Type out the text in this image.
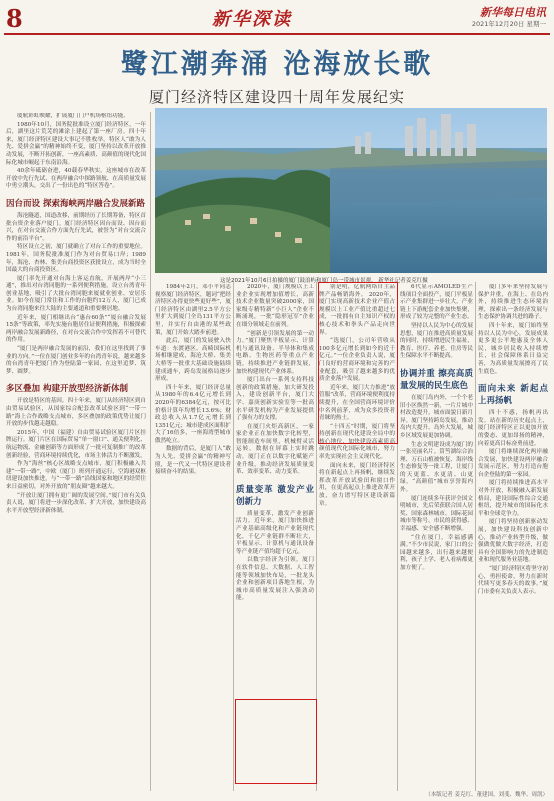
8	新华深读	新华每日电讯
2021年12月20日 星期一
鹭江潮奔涌 沧海放长歌
厦门经济特区建设四十周年发展纪实
这是2021年10月6日拍摄的厦门鼓浪屿和厦门岛一带城市景观。 新华社记者姜克红摄

厦航彩虹映耀，扩展厦门门户机场枢纽功能。

1980年10月，国务院批准设立厦门经济特区，一年后，湖里这片荒芜的滩涂上建起了第一座厂房。四十年来，厦门经济特区建设大事记不胜枚举，特区人“敢为人先、爱拼会赢”的精神始终不变，厦门坚持以改革开放推动发展，不断开拓创新，一座高素质、高颜值的现代化国际化城市崛起于东南沿海。

40余年砥砺奋进，40载春华秋实。这座城市在改革开放中先行先试、在两岸融合中探路领航、在高质量发展中勇立潮头，交出了一份出色的“特区答卷”。

因台而设 探索海峡两岸融合发展新路

海沧隧道，国道改移，前期经历了长期筹备，特区首批台资企业落户厦门。厦门经济特区因台而设、因台而兴，在对台交流合作方面先行先试，被誉为“对台交流合作的前沿平台”。

特区设立之初，厦门就确立了对台工作的重要地位。1981年，国务院批准厦门作为对台贸易口岸；1989年，海沧、杏林、集美台商投资区获批设立，成为当时全国最大的台商投资区。

厦门率先开通对台海上客运直航，开展两岸“小三通”，推出对台湾同胞的一系列便利措施，设立台湾青年创业基地，吸引了大批台湾同胞来厦就业创业、安居乐业。如今在厦门常住和工作的台胞约12万人，厦门已成为台湾同胞来往大陆的主要通道和重要聚居地。

近年来，厦门相继出台“惠台60条”“厦台融合发展15条”等政策，率先实施台胞居住证便利措施，积极探索两岸融合发展新路径，在对台交流合作中发挥着不可替代的作用。

“厦门是两岸融合发展的前沿，我们在这里找到了事业的方向。”一位在厦门创业多年的台湾青年说，越来越多的台湾青年把厦门作为登陆第一家园，在这里追梦、筑梦、圆梦。

多区叠加 构建开放型经济新体制

开放是特区的基因。四十年来，厦门从经济特区到自由贸易试验区，从国家综合配套改革试验区到“一带一路”海上合作战略支点城市，多区叠加的政策优势让厦门开放的步伐越走越稳。

2015年，中国（福建）自由贸易试验区厦门片区挂牌运行。厦门片区在国际贸易“单一窗口”、通关便利化、航运物流、金融创新等方面形成了一批可复制推广的改革创新经验，营商环境持续优化，市场主体活力不断激发。

作为“海丝”核心区战略支点城市，厦门积极融入共建“一带一路”，中欧（厦门）班列开通运行，空海港双枢纽建设加快推进，与“一带一路”沿线国家和地区的经贸往来日益密切，对外开放的“朋友圈”越来越大。

“开放让厦门拥有更广阔的发展空间。”厦门市有关负责人说，厦门将进一步深化改革、扩大开放，加快建设高水平开放型经济新体制。

1984年2月，邓小平同志视察厦门经济特区，题词“把经济特区办得更快些更好些”，厦门经济特区由湖里2.5平方公里扩大到厦门全岛131平方公里，并实行自由港的某些政策，厦门开始大踏步前进。

此后，厦门的发展驶入快车道：东渡港区、高崎国际机场相继建成，海沧大桥、集美大桥等一批重大基础设施陆续建成通车，跨岛发展格局逐步形成。

四十年来，厦门经济总量从1980年的6.4亿元增长到2020年的6384亿元，按可比价格计算年均增长13.6%；财政总收入从1.7亿元增长到1351亿元；城市建成区面积扩大了16倍多，一座海湾型城市傲然屹立。

数据的背后，是厦门人“敢为人先、爱拼会赢”的精神写照，是一代又一代特区建设者接续奋斗的结果。

2020年，厦门规模以上工业企业实现增加值增长，高新技术企业数量突破2000家，国家级专精特新“小巨人”企业不断涌现，一批“隐形冠军”企业在细分领域走在前列。

“创新是引领发展的第一动力。”厦门聚焦平板显示、计算机与通讯设备、半导体和集成电路、生物医药等重点产业链，持续推进产业链群发展，加快构建现代产业体系。

厦门出台一系列支持科技创新的政策措施，加大研发投入，建设创新平台，厦门大学、嘉庚创新实验室等一批高水平研发机构为产业发展提供了强有力的支撑。

在厦门火炬高新区，一家家企业正在加快数字化转型，智能制造车间里，机械臂灵活运转，数据在屏幕上实时跳动。厦门正在以数字化赋能产业升级，推动经济发展质量变革、效率变革、动力变革。

质量变革 激发产业创新力

质量变革，激发产业创新活力。近年来，厦门加快推进产业基础高级化和产业链现代化，千亿产业链群不断壮大，平板显示、计算机与通讯设备等产业链产值均超千亿元。

以数字经济为引领，厦门在软件信息、大数据、人工智能等领域加快布局，一批龙头企业和创新项目落地生根，为城市高质量发展注入强劲动能。

别是明，亿航网络自主品牌产品畅销海外。 2020年，厦门实现高新技术企业产值占规模以上工业产值比重超过七成，一批拥有自主知识产权的核心技术和拳头产品走向世界。

“选厦门，公司年营收从100多亿元增长到如今的近千亿元。”一位企业负责人说，厦门良好的营商环境和完善的产业配套，吸引了越来越多的优质企业落户发展。

近年来，厦门大力推进“放管服”改革，营商环境便利度持续提升，在全国营商环境评价中名列前茅，成为众多投资者青睐的热土。

“十四五”时期，厦门将坚持创新在现代化建设全局中的核心地位，加快建设高素质高颜值现代化国际化城市，努力率先实现社会主义现代化。

面向未来，厦门经济特区将在新起点上再扬帆，继续发挥改革开放试验田和窗口作用，在更高起点上推进改革开放，奋力谱写特区建设新篇章。

6代显示AMOLED生产线项目全面投产，厦门平板显示产业集群进一步壮大，产业链上下游配套企业加快集聚，形成了较为完整的产业生态。

坚持以人民为中心的发展思想，厦门在推进高质量发展的同时，持续增进民生福祉，教育、医疗、养老、住房等民生保障水平不断提高。

协调并重 擦亮高质量发展的民生底色

在厦门岛内外，一个个老旧小区焕然一新，一片片城中村改造提升，城市面貌日新月异。厦门坚持跨岛发展，推动岛内大提升、岛外大发展，城乡区域发展更加协调。

生态文明建设成为厦门的一张亮丽名片。筼筜湖综合治理、万石山植被恢复、海岸线生态修复等一批工程，让厦门的天更蓝、水更清、山更绿，“高颜值”城市享誉海内外。

厦门连续多年获评全国文明城市，先后荣获联合国人居奖、国家森林城市、国际花园城市等称号，市民的获得感、幸福感、安全感不断增强。

“住在厦门，幸福感满满。”不少市民说，家门口的公园越来越多，出行越来越便利，孩子上学、老人看病都更加方便了。

厦门多年来坚持发展与保护并重，在海上、在岛内外，持续推进生态环境治理，探索出一条经济发展与生态保护协调共进的路子。

四十年来，厦门始终坚持以人民为中心，发展成果更多更公平地惠及全体人民，城乡居民收入持续增长，社会保障体系日益完善，为高质量发展擦亮了民生底色。

面向未来 新起点上再扬帆

四十不惑，扬帆再出发。站在新的历史起点上，厦门经济特区正以更加开放的姿态、更加昂扬的精神，向着更高目标奋勇前进。

厦门将继续深化两岸融合发展，加快建设两岸融合发展示范区，努力打造台胞台企登陆的第一家园。

厦门将持续推进高水平对外开放，积极融入新发展格局，建设国际性综合交通枢纽，提升城市的国际化水平和全球竞争力。

厦门将坚持创新驱动发展，加快建设科技创新中心，推动产业转型升级，做强做优做大数字经济，打造具有全国影响力的先进制造业和现代服务业基地。

“厦门经济特区将坚守初心，勇担使命，努力在新时代续写更多春天的故事。”厦门市委有关负责人表示。

（本版记者 姜克红、董建国、刘斐、魏华、周凯）
